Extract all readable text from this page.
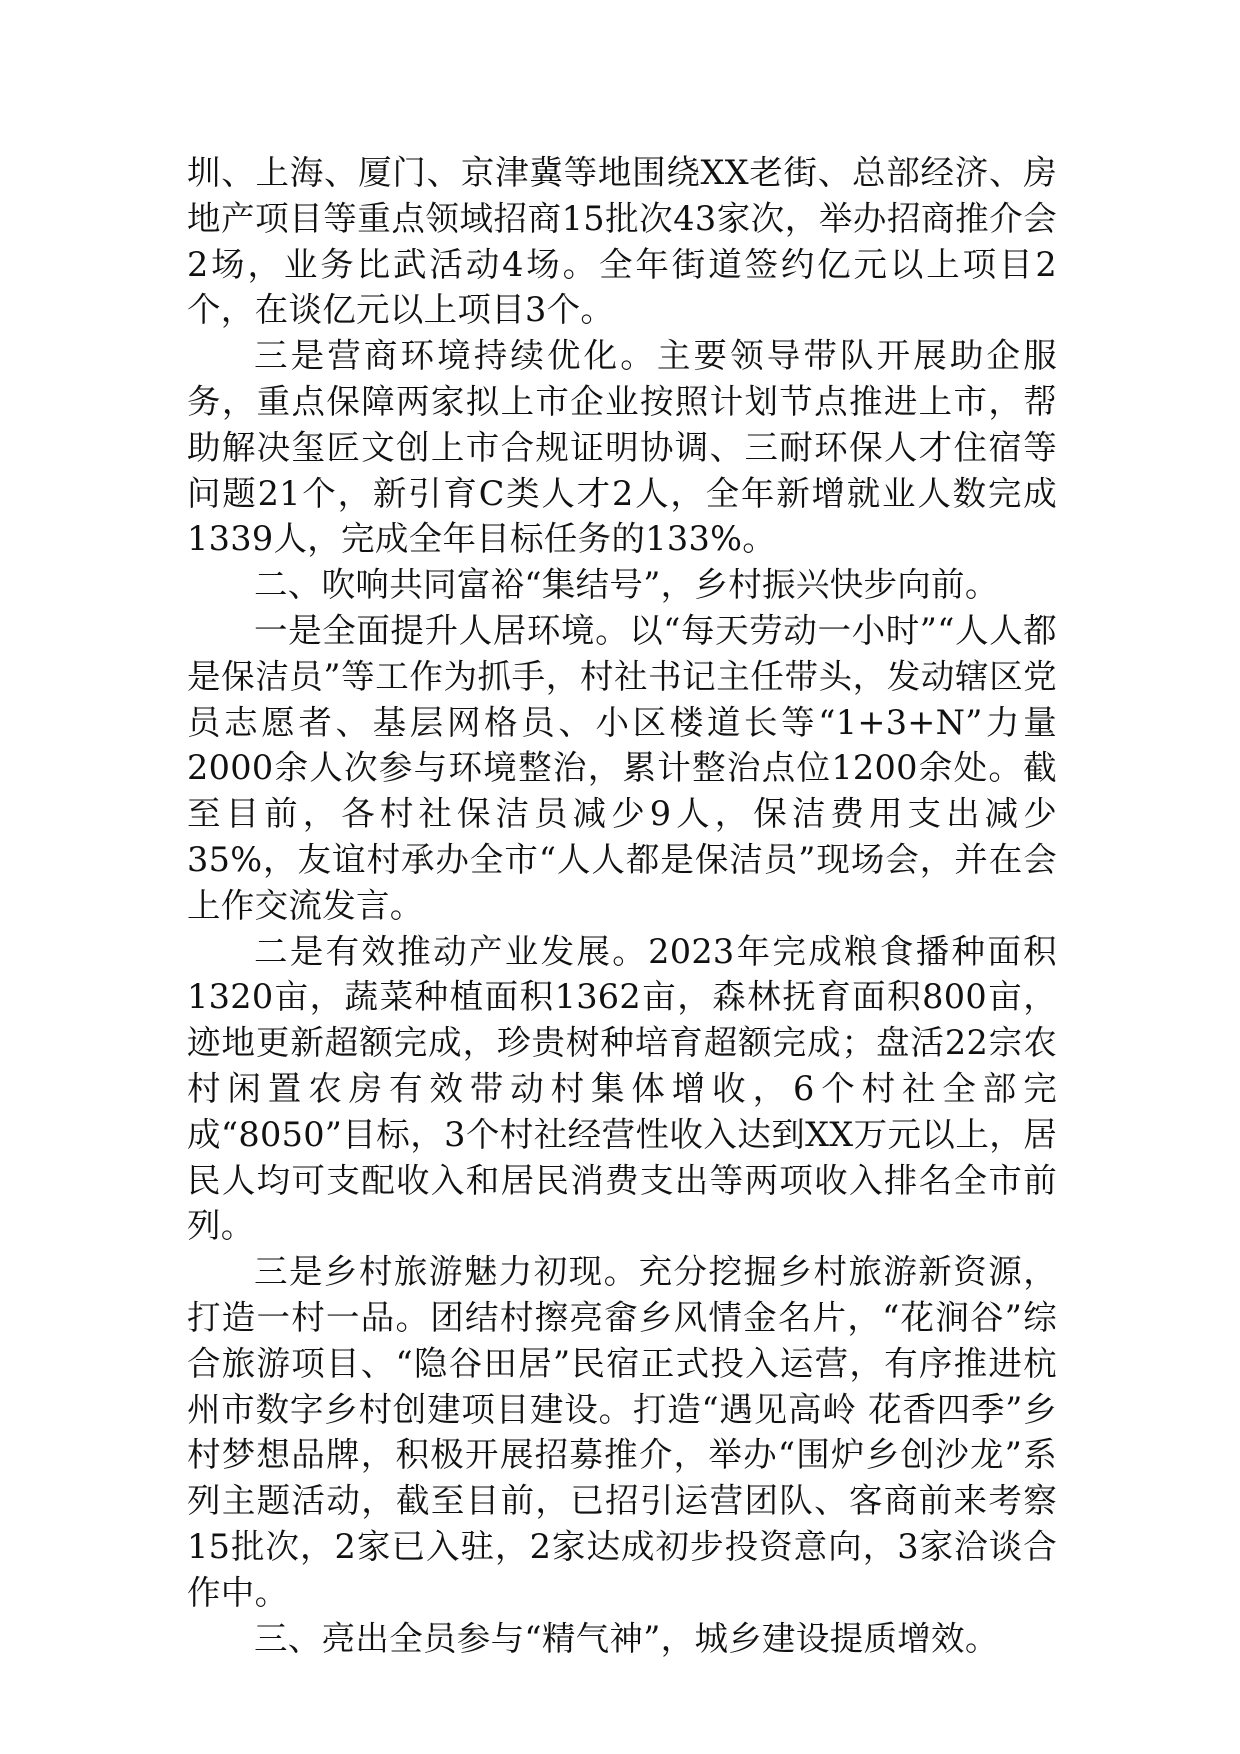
圳、上海、厦门、京津冀等地围绕XX老街、总部经济、房地产项目等重点领域招商15批次43家次，举办招商推介会2场，业务比武活动4场。全年街道签约亿元以上项目2个，在谈亿元以上项目3个。

三是营商环境持续优化。主要领导带队开展助企服务，重点保障两家拟上市企业按照计划节点推进上市，帮助解决玺匠文创上市合规证明协调、三耐环保人才住宿等问题21个，新引育C类人才2人，全年新增就业人数完成1339人，完成全年目标任务的133%。

二、吹响共同富裕“集结号”，乡村振兴快步向前。

一是全面提升人居环境。以“每天劳动一小时”“人人都是保洁员”等工作为抓手，村社书记主任带头，发动辖区党员志愿者、基层网格员、小区楼道长等“1+3+N”力量2000余人次参与环境整治，累计整治点位1200余处。截至目前，各村社保洁员减少9人，保洁费用支出减少35%，友谊村承办全市“人人都是保洁员”现场会，并在会上作交流发言。

二是有效推动产业发展。2023年完成粮食播种面积1320亩，蔬菜种植面积1362亩，森林抚育面积800亩，迹地更新超额完成，珍贵树种培育超额完成；盘活22宗农村闲置农房有效带动村集体增收，6个村社全部完成“8050”目标，3个村社经营性收入达到XX万元以上，居民人均可支配收入和居民消费支出等两项收入排名全市前列。

三是乡村旅游魅力初现。充分挖掘乡村旅游新资源，打造一村一品。团结村擦亮畲乡风情金名片，“花涧谷”综合旅游项目、“隐谷田居”民宿正式投入运营，有序推进杭州市数字乡村创建项目建设。打造“遇见高岭 花香四季”乡村梦想品牌，积极开展招募推介，举办“围炉乡创沙龙”系列主题活动，截至目前，已招引运营团队、客商前来考察15批次，2家已入驻，2家达成初步投资意向，3家洽谈合作中。

三、亮出全员参与“精气神”，城乡建设提质增效。
